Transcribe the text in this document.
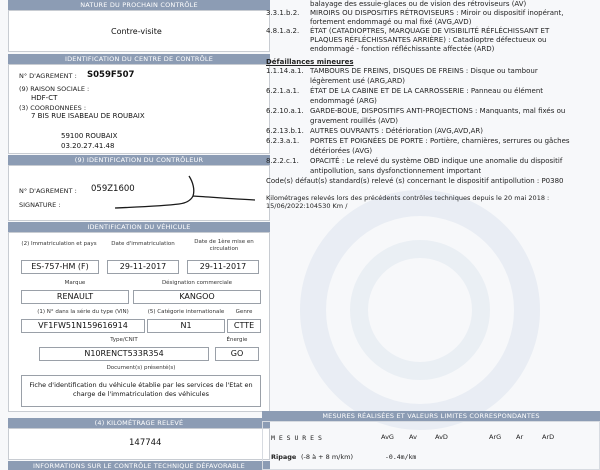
NATURE DU PROCHAIN CONTRÔLE
Contre-visite
IDENTIFICATION DU CENTRE DE CONTRÔLE
N° D'AGREMENT : S059F507
(9) RAISON SOCIALE :
HDF-CT
(3) COORDONNEES :
7 BIS RUE ISABEAU DE ROUBAIX
59100 ROUBAIX
03.20.27.41.48
(9) IDENTIFICATION DU CONTRÔLEUR
N° D'AGREMENT : 059Z1600
SIGNATURE :
IDENTIFICATION DU VÉHICULE
(2) Immatriculation et pays	Date d'immatriculation	Date de 1ère mise en circulation
ES-757-HM (F)	29-11-2017	29-11-2017
Marque	Désignation commerciale
RENAULT	KANGOO
(1) N° dans la série du type (VIN)	(5) Catégorie internationale	Genre
VF1FW51N159616914	N1	CTTE
Type/CNIT	Énergie
N10RENCT533R354	GO
Document(s) présenté(s)
Fiche d'identification du véhicule établie par les services de l'Etat en charge de l'immatriculation des véhicules
(4) KILOMÉTRAGE RELEVÉ
147744
INFORMATIONS SUR LE CONTRÔLE TECHNIQUE DÉFAVORABLE
balayage des essuie-glaces ou de vision des rétroviseurs (AV)
3.3.1.b.2. MIROIRS OU DISPOSITIFS RÉTROVISEURS : Miroir ou dispositif inopérant,
fortement endommagé ou mal fixé (AVG,AVD)
4.8.1.a.2. ÉTAT (CATADIOPTRES, MARQUAGE DE VISIBILITÉ RÉFLÉCHISSANT ET
PLAQUES RÉFLÉCHISSANTES ARRIÈRE) : Catadioptre défectueux ou
endommagé - fonction réfléchissante affectée (ARD)
Défaillances mineures
1.1.14.a.1. TAMBOURS DE FREINS, DISQUES DE FREINS : Disque ou tambour
légèrement usé (ARG,ARD)
6.2.1.a.1. ÉTAT DE LA CABINE ET DE LA CARROSSERIE : Panneau ou élément
endommagé (ARG)
6.2.10.a.1. GARDE-BOUE, DISPOSITIFS ANTI-PROJECTIONS : Manquants, mal fixés ou
gravement rouillés (AVD)
6.2.13.b.1. AUTRES OUVRANTS : Détérioration (AVG,AVD,AR)
6.2.3.a.1. PORTES ET POIGNÉES DE PORTE : Portière, charnières, serrures ou gâches
détériorées (AVG)
8.2.2.c.1. OPACITÉ : Le relevé du système OBD indique une anomalie du dispositif
antipollution, sans dysfonctionnement important
Code(s) défaut(s) standard(s) relevé (s) concernant le dispositif antipollution : P0380
Kilométrages relevés lors des précédents contrôles techniques depuis le 20 mai 2018 :
15/06/2022:104530 Km /
MESURES RÉALISÉES ET VALEURS LIMITES CORRESPONDANTES
M E S U R E S	AvG Av	AvD	ArG Ar	ArD
Ripage (-8 à + 8 m/km)	-0.4m/km
